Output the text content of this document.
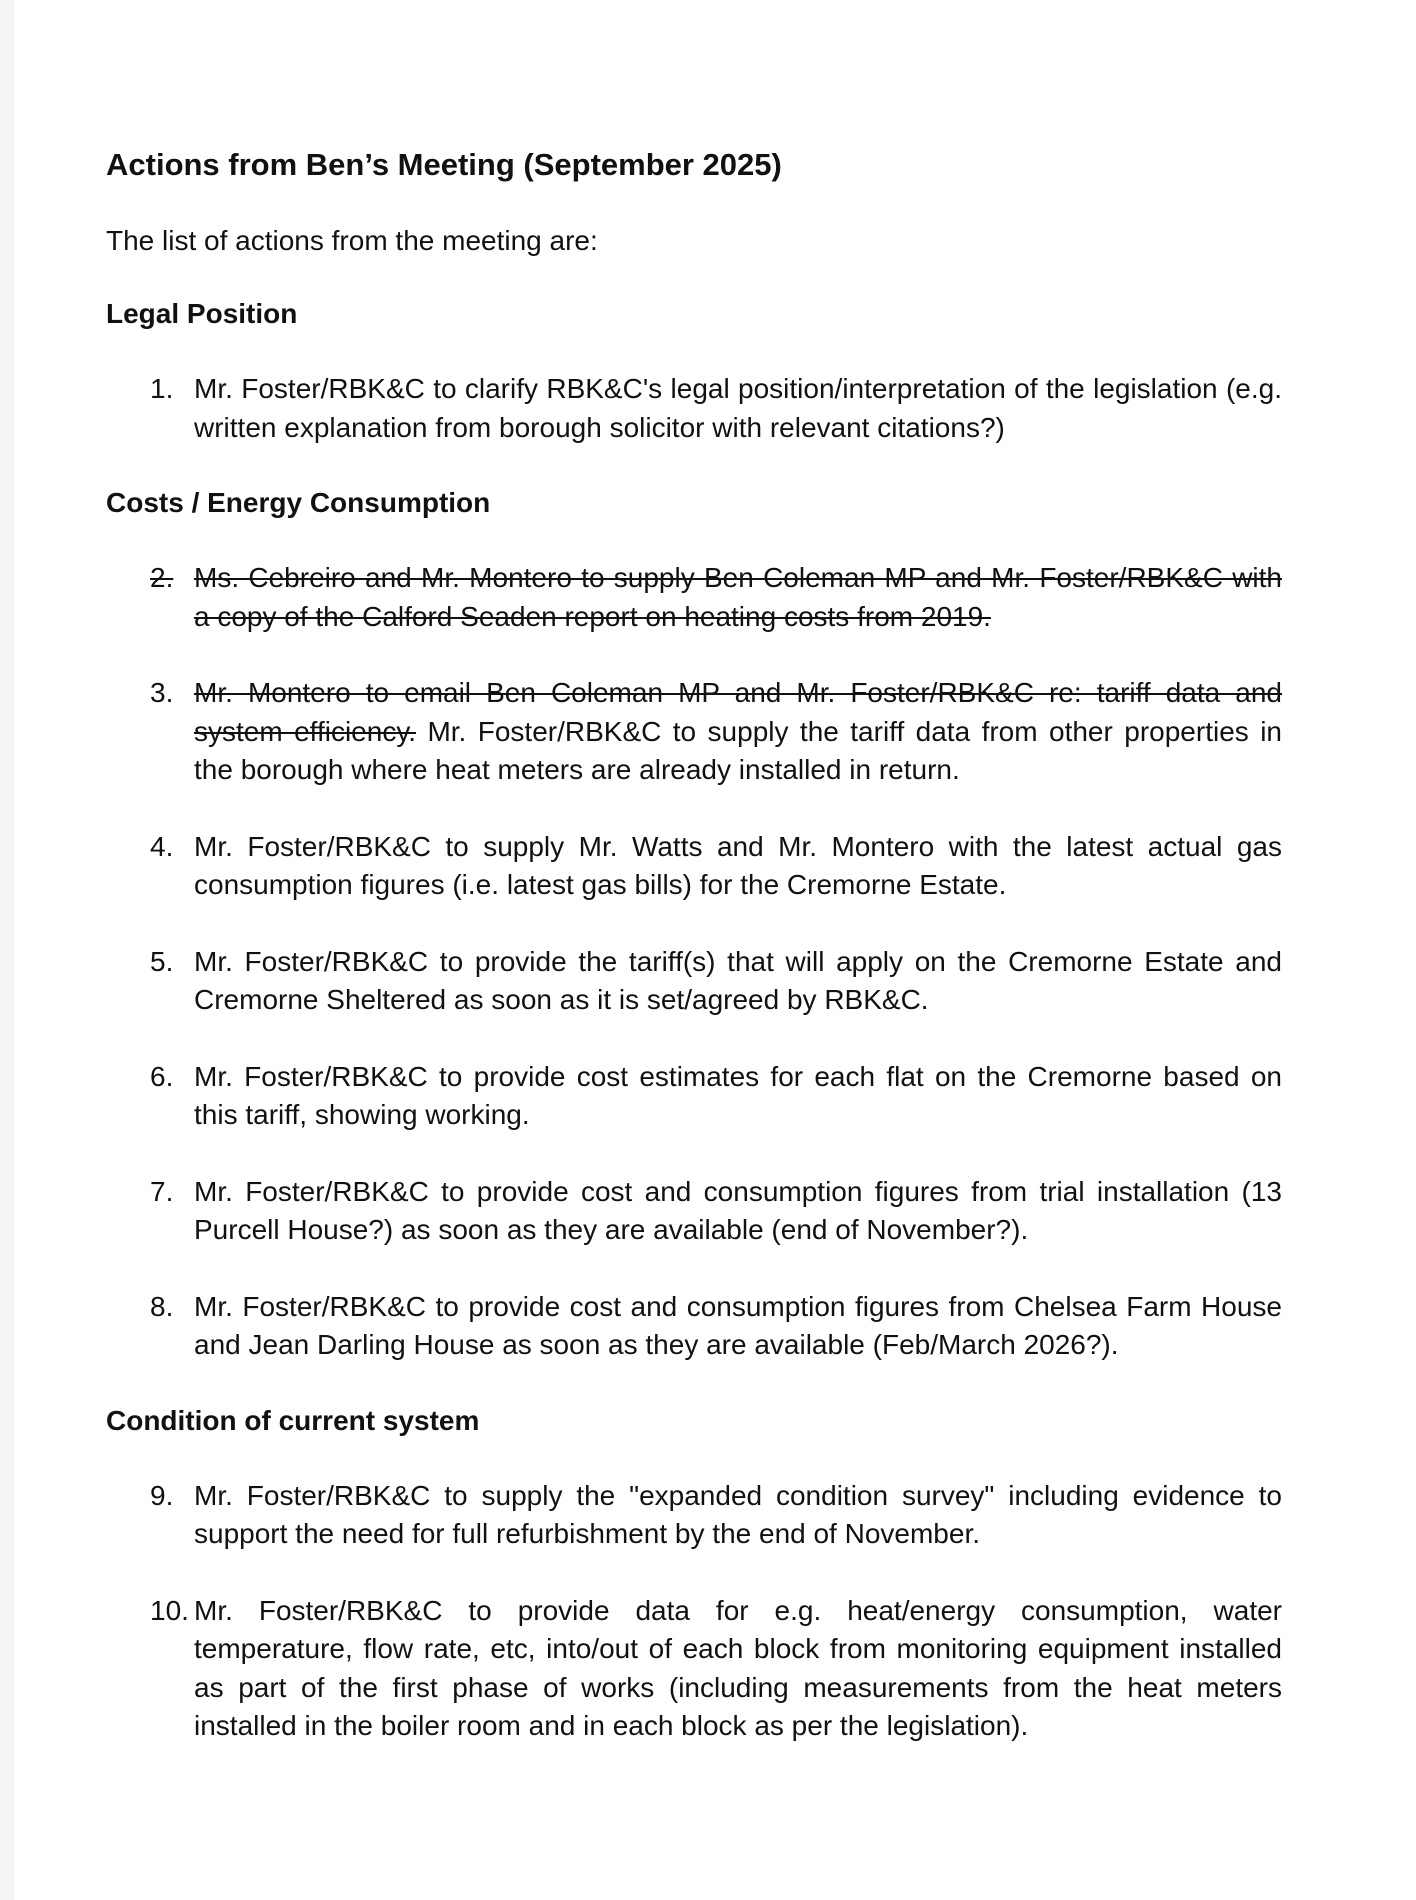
Actions from Ben’s Meeting (September 2025)

The list of actions from the meeting are:

Legal Position
1. Mr. Foster/RBK&C to clarify RBK&C's legal position/interpretation of the legislation (e.g. written explanation from borough solicitor with relevant citations?)
Costs / Energy Consumption
2. Ms. Cebreiro and Mr. Montero to supply Ben Coleman MP and Mr. Foster/RBK&C with a copy of the Calford Seaden report on heating costs from 2019.
3. Mr. Montero to email Ben Coleman MP and Mr. Foster/RBK&C re: tariff data and system efficiency. Mr. Foster/RBK&C to supply the tariff data from other properties in the borough where heat meters are already installed in return.
4. Mr. Foster/RBK&C to supply Mr. Watts and Mr. Montero with the latest actual gas consumption figures (i.e. latest gas bills) for the Cremorne Estate.
5. Mr. Foster/RBK&C to provide the tariff(s) that will apply on the Cremorne Estate and Cremorne Sheltered as soon as it is set/agreed by RBK&C.
6. Mr. Foster/RBK&C to provide cost estimates for each flat on the Cremorne based on this tariff, showing working.
7. Mr. Foster/RBK&C to provide cost and consumption figures from trial installation (13 Purcell House?) as soon as they are available (end of November?).
8. Mr. Foster/RBK&C to provide cost and consumption figures from Chelsea Farm House and Jean Darling House as soon as they are available (Feb/March 2026?).
Condition of current system
9. Mr. Foster/RBK&C to supply the "expanded condition survey" including evidence to support the need for full refurbishment by the end of November.
10. Mr. Foster/RBK&C to provide data for e.g. heat/energy consumption, water temperature, flow rate, etc, into/out of each block from monitoring equipment installed as part of the first phase of works (including measurements from the heat meters installed in the boiler room and in each block as per the legislation).
